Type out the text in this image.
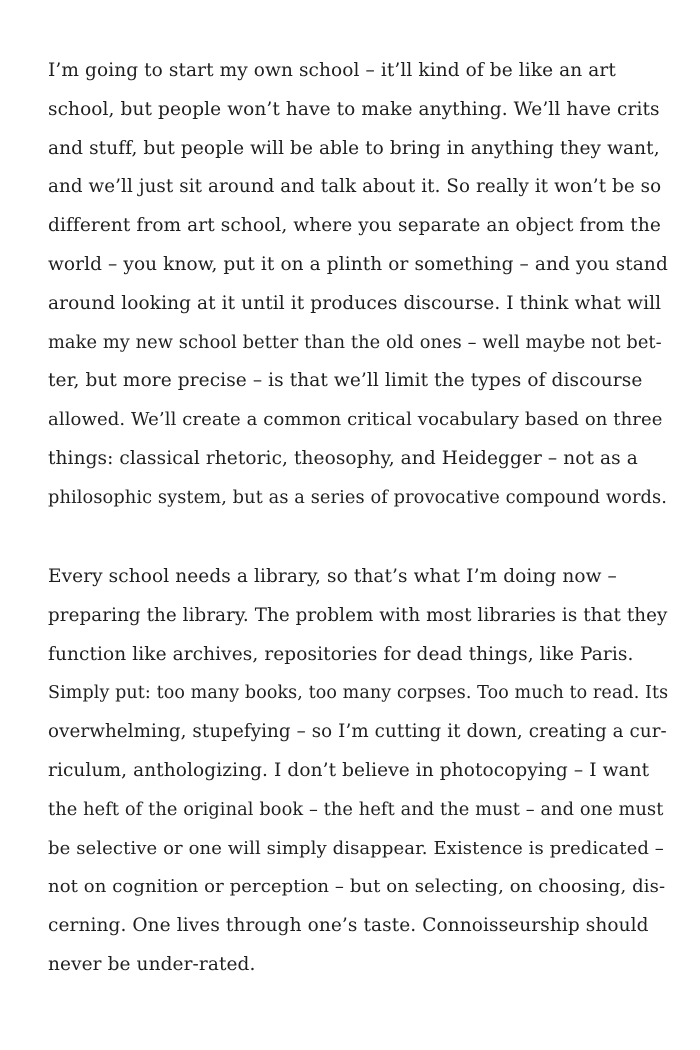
I’m going to start my own school – it’ll kind of be like an art
school, but people won’t have to make anything. We’ll have crits
and stuff, but people will be able to bring in anything they want,
and we’ll just sit around and talk about it. So really it won’t be so
different from art school, where you separate an object from the
world – you know, put it on a plinth or something – and you stand
around looking at it until it produces discourse. I think what will
make my new school better than the old ones – well maybe not bet-
ter, but more precise – is that we’ll limit the types of discourse
allowed. We’ll create a common critical vocabulary based on three
things: classical rhetoric, theosophy, and Heidegger – not as a
philosophic system, but as a series of provocative compound words.

Every school needs a library, so that’s what I’m doing now –
preparing the library. The problem with most libraries is that they
function like archives, repositories for dead things, like Paris.
Simply put: too many books, too many corpses. Too much to read. Its
overwhelming, stupefying – so I’m cutting it down, creating a cur-
riculum, anthologizing. I don’t believe in photocopying – I want
the heft of the original book – the heft and the must – and one must
be selective or one will simply disappear. Existence is predicated –
not on cognition or perception – but on selecting, on choosing, dis-
cerning. One lives through one’s taste. Connoisseurship should
never be under-rated.
